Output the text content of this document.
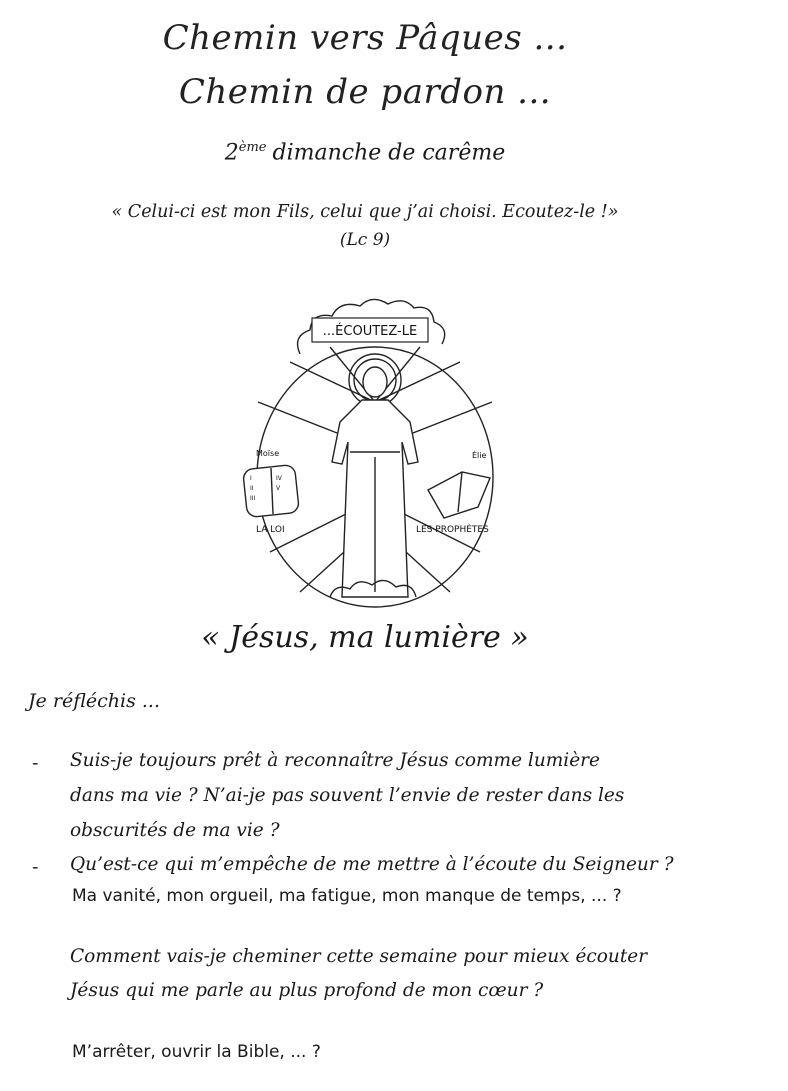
Chemin vers Pâques ...
Chemin de pardon ...
2ème dimanche de carême
« Celui-ci est mon Fils, celui que j’ai choisi. Ecoutez-le !»
(Lc 9)
...ÉCOUTEZ-LE
Moïse	Élie
LA LOI	LES PROPHÈTES
I
II
III
IV
V
« Jésus, ma lumière »
Je réfléchis ...
- Suis-je toujours prêt à reconnaître Jésus comme lumière
dans ma vie ? N’ai-je pas souvent l’envie de rester dans les
obscurités de ma vie ?
- Qu’est-ce qui m’empêche de me mettre à l’écoute du Seigneur ?
Ma vanité, mon orgueil, ma fatigue, mon manque de temps, ... ?
Comment vais-je cheminer cette semaine pour mieux écouter
Jésus qui me parle au plus profond de mon cœur ?
M’arrêter, ouvrir la Bible, ... ?
